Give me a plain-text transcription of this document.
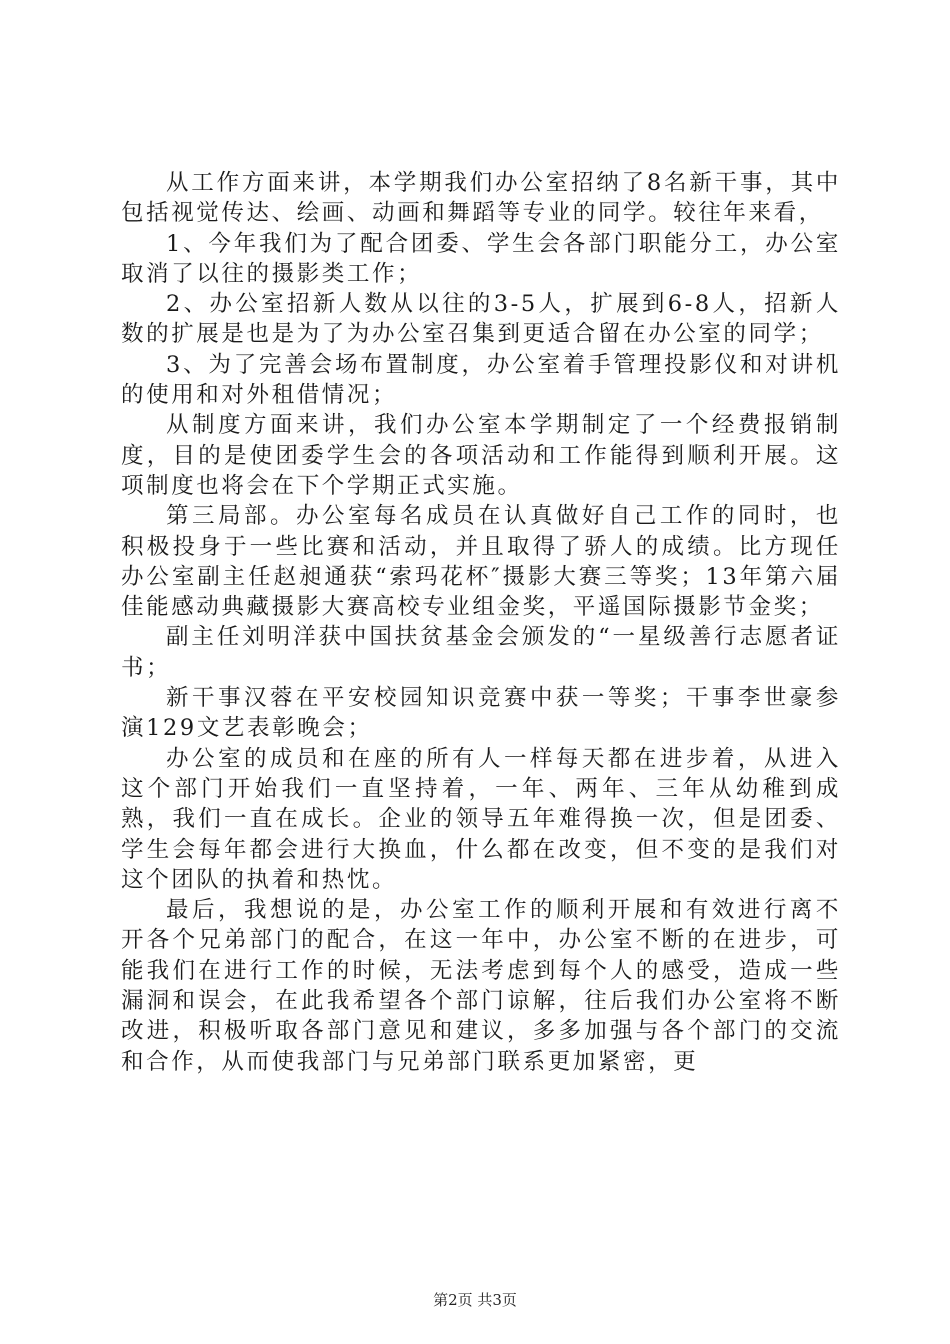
从工作方面来讲，本学期我们办公室招纳了8名新干事，其中包括视觉传达、绘画、动画和舞蹈等专业的同学。较往年来看，

1、今年我们为了配合团委、学生会各部门职能分工，办公室取消了以往的摄影类工作；

2、办公室招新人数从以往的3-5人，扩展到6-8人，招新人数的扩展是也是为了为办公室召集到更适合留在办公室的同学；

3、为了完善会场布置制度，办公室着手管理投影仪和对讲机的使用和对外租借情况；

从制度方面来讲，我们办公室本学期制定了一个经费报销制度，目的是使团委学生会的各项活动和工作能得到顺利开展。这项制度也将会在下个学期正式实施。

第三局部。办公室每名成员在认真做好自己工作的同时，也积极投身于一些比赛和活动，并且取得了骄人的成绩。比方现任办公室副主任赵昶通获“索玛花杯″摄影大赛三等奖；13年第六届佳能感动典藏摄影大赛高校专业组金奖，平遥国际摄影节金奖；

副主任刘明洋获中国扶贫基金会颁发的“一星级善行志愿者证书；

新干事汉蓉在平安校园知识竞赛中获一等奖；干事李世豪参演129文艺表彰晚会；

办公室的成员和在座的所有人一样每天都在进步着，从进入这个部门开始我们一直坚持着，一年、两年、三年从幼稚到成熟，我们一直在成长。企业的领导五年难得换一次，但是团委、学生会每年都会进行大换血，什么都在改变，但不变的是我们对这个团队的执着和热忱。

最后，我想说的是，办公室工作的顺利开展和有效进行离不开各个兄弟部门的配合，在这一年中，办公室不断的在进步，可能我们在进行工作的时候，无法考虑到每个人的感受，造成一些漏洞和误会，在此我希望各个部门谅解，往后我们办公室将不断改进，积极听取各部门意见和建议，多多加强与各个部门的交流和合作，从而使我部门与兄弟部门联系更加紧密，更

第2页 共3页
